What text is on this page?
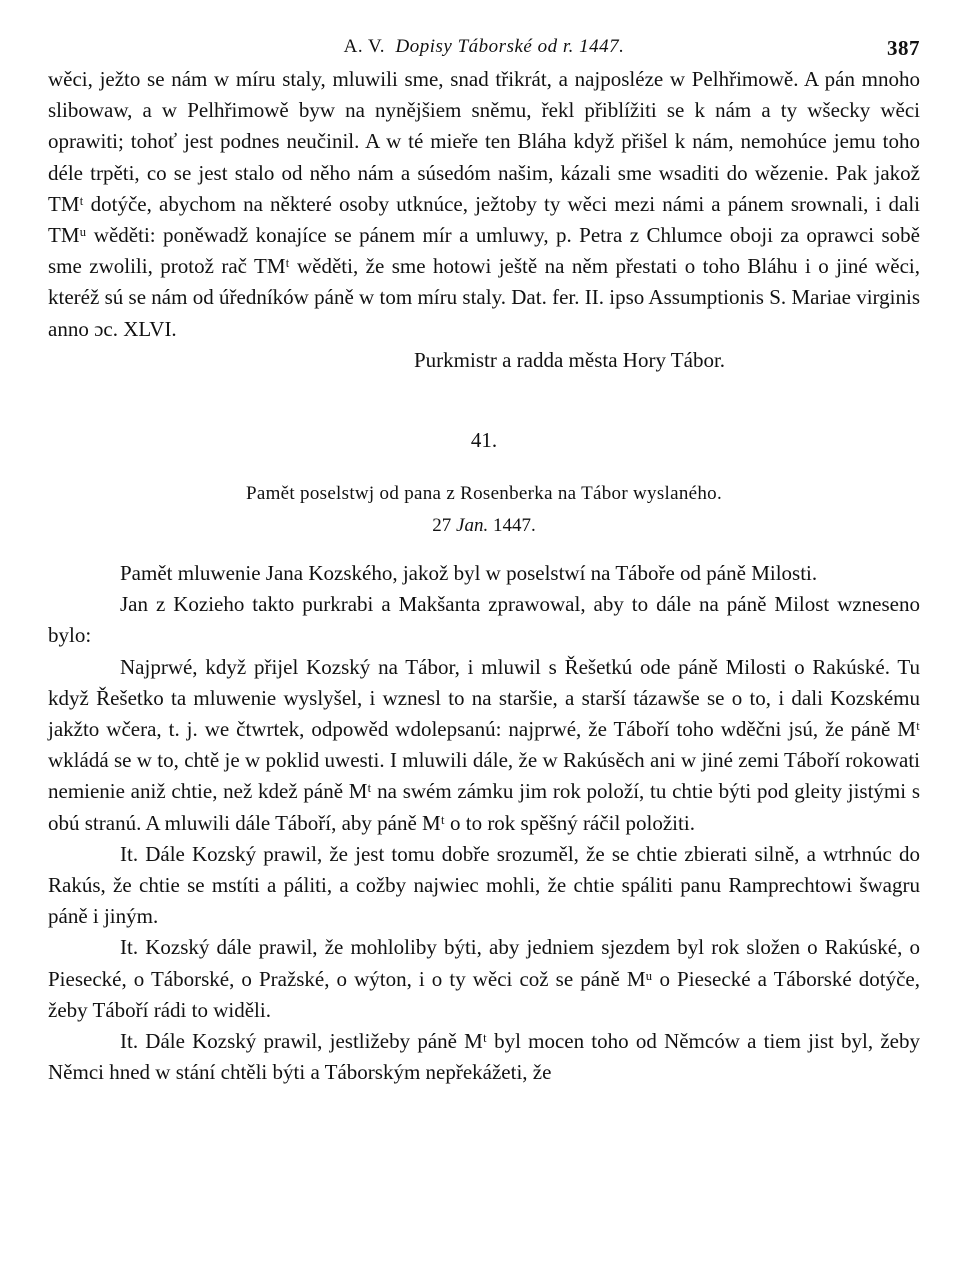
A. V. Dopisy Táborské od r. 1447.	387

wěci, ježto se nám w míru staly, mluwili sme, snad třikrát, a najposléze w Pelhřimowě. A pán mnoho slibowaw, a w Pelhřimowě byw na nynějšiem sněmu, řekl přiblížiti se k nám a ty wšecky wěci oprawiti; tohoť jest podnes neučinil. A w té mieře ten Bláha když přišel k nám, nemohúce jemu toho déle trpěti, co se jest stalo od něho nám a súsedóm našim, kázali sme wsaditi do wězenie. Pak jakož TMᵗ dotýče, abychom na některé osoby utknúce, ježtoby ty wěci mezi námi a pánem srownali, i dali TMᵘ wěděti: poněwadž konajíce se pánem mír a umluwy, p. Petra z Chlumce oboji za oprawci sobě sme zwolili, protož rač TMᵗ wěděti, že sme hotowi ještě na něm přestati o toho Bláhu i o jiné wěci, kteréž sú se nám od úředníków páně w tom míru staly. Dat. fer. II. ipso Assumptionis S. Mariae virginis anno ɔc. XLVI.

Purkmistr a radda města Hory Tábor.

41.
Pamět poselstwj od pana z Rosenberka na Tábor wyslaného.
27 Jan. 1447.

Pamět mluwenie Jana Kozského, jakož byl w poselstwí na Táboře od páně Milosti.

Jan z Kozieho takto purkrabi a Makšanta zprawowal, aby to dále na páně Milost wzneseno bylo:

Najprwé, když přijel Kozský na Tábor, i mluwil s Řešetkú ode páně Milosti o Rakúské. Tu když Řešetko ta mluwenie wyslyšel, i wznesl to na staršie, a starší tázawše se o to, i dali Kozskému jakžto wčera, t. j. we čtwrtek, odpowěd wdolepsanú: najprwé, že Táboří toho wděčni jsú, že páně Mᵗ wkládá se w to, chtě je w poklid uwesti. I mluwili dále, že w Rakúsěch ani w jiné zemi Táboří rokowati nemienie aniž chtie, než kdež páně Mᵗ na swém zámku jim rok položí, tu chtie býti pod gleity jistými s obú stranú. A mluwili dále Táboří, aby páně Mᵗ o to rok spěšný ráčil položiti.

It. Dále Kozský prawil, že jest tomu dobře srozuměl, že se chtie zbierati silně, a wtrhnúc do Rakús, že chtie se mstíti a páliti, a cožby najwiec mohli, že chtie spáliti panu Ramprechtowi šwagru páně i jiným.

It. Kozský dále prawil, že mohloliby býti, aby jedniem sjezdem byl rok složen o Rakúské, o Piesecké, o Táborské, o Pražské, o wýton, i o ty wěci což se páně Mᵘ o Piesecké a Táborské dotýče, žeby Táboří rádi to widěli.

It. Dále Kozský prawil, jestližeby páně Mᵗ byl mocen toho od Němców a tiem jist byl, žeby Němci hned w stání chtěli býti a Táborským nepřekážeti, že
